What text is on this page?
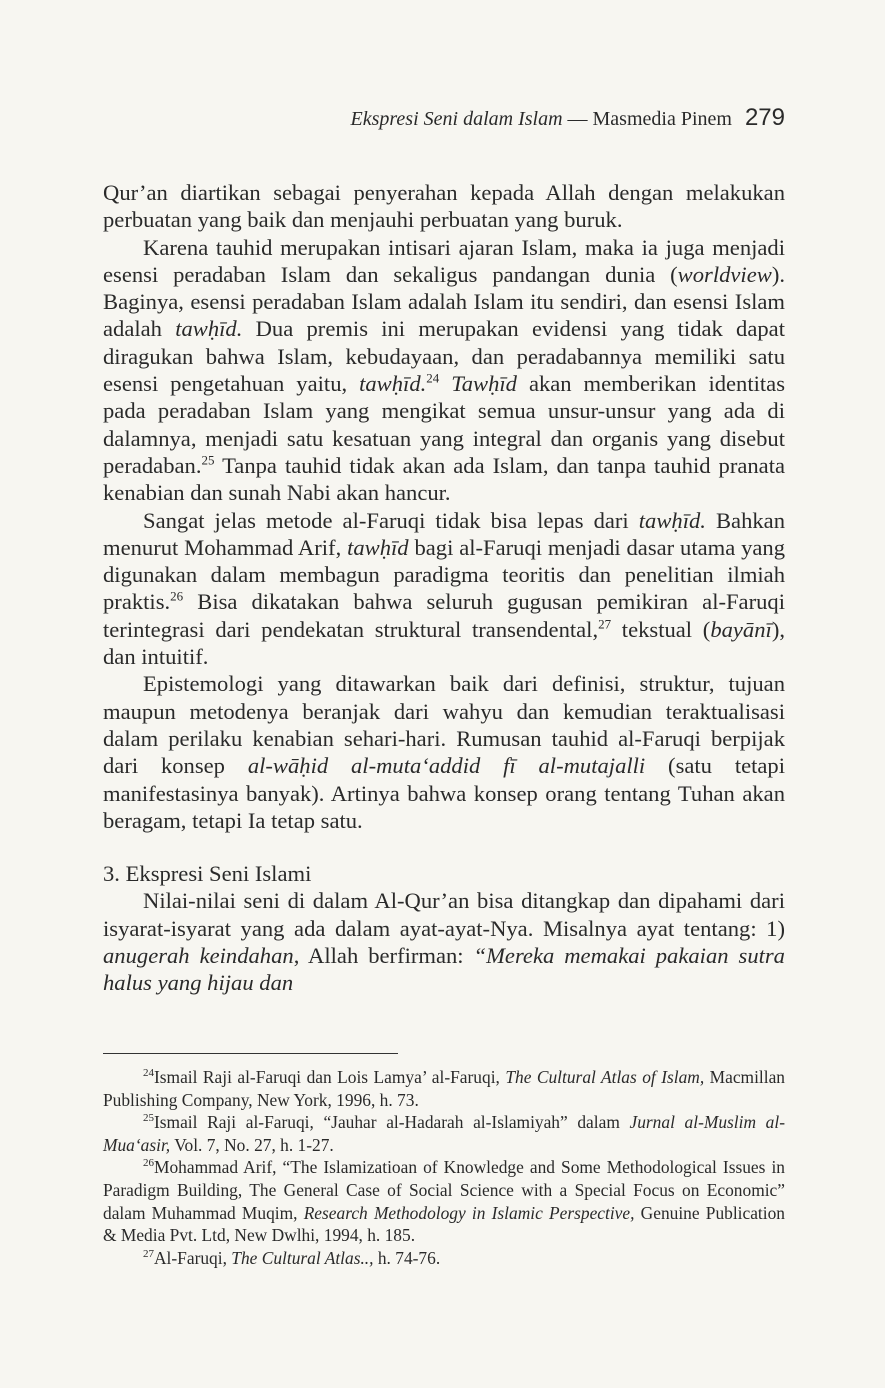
Ekspresi Seni dalam Islam — Masmedia Pinem 279

Qur’an diartikan sebagai penyerahan kepada Allah dengan melakukan perbuatan yang baik dan menjauhi perbuatan yang buruk.

Karena tauhid merupakan intisari ajaran Islam, maka ia juga menjadi esensi peradaban Islam dan sekaligus pandangan dunia (worldview). Baginya, esensi peradaban Islam adalah Islam itu sendiri, dan esensi Islam adalah tawḥīd. Dua premis ini merupakan evidensi yang tidak dapat diragukan bahwa Islam, kebudayaan, dan peradabannya memiliki satu esensi pengetahuan yaitu, tawḥīd.$^{24}$ Tawḥīd akan memberikan identitas pada peradaban Islam yang mengikat semua unsur-unsur yang ada di dalamnya, menjadi satu kesatuan yang integral dan organis yang disebut peradaban.$^{25}$ Tanpa tauhid tidak akan ada Islam, dan tanpa tauhid pranata kenabian dan sunah Nabi akan hancur.

Sangat jelas metode al-Faruqi tidak bisa lepas dari tawḥīd. Bahkan menurut Mohammad Arif, tawḥīd bagi al-Faruqi menjadi dasar utama yang digunakan dalam membagun paradigma teoritis dan penelitian ilmiah praktis.$^{26}$ Bisa dikatakan bahwa seluruh gugusan pemikiran al-Faruqi terintegrasi dari pendekatan struktural transendental,$^{27}$ tekstual (bayānī), dan intuitif.

Epistemologi yang ditawarkan baik dari definisi, struktur, tujuan maupun metodenya beranjak dari wahyu dan kemudian teraktualisasi dalam perilaku kenabian sehari-hari. Rumusan tauhid al-Faruqi berpijak dari konsep al-wāḥid al-muta‘addid fī al-mutajalli (satu tetapi manifestasinya banyak). Artinya bahwa konsep orang tentang Tuhan akan beragam, tetapi Ia tetap satu.

3. Ekspresi Seni Islami

Nilai-nilai seni di dalam Al-Qur’an bisa ditangkap dan dipahami dari isyarat-isyarat yang ada dalam ayat-ayat-Nya. Misalnya ayat tentang: 1) anugerah keindahan, Allah berfirman: “Mereka memakai pakaian sutra halus yang hijau dan

$^{24}$Ismail Raji al-Faruqi dan Lois Lamya’ al-Faruqi, The Cultural Atlas of Islam, Macmillan Publishing Company, New York, 1996, h. 73.

$^{25}$Ismail Raji al-Faruqi, “Jauhar al-Hadarah al-Islamiyah” dalam Jurnal al-Muslim al-Mua‘asir, Vol. 7, No. 27, h. 1-27.

$^{26}$Mohammad Arif, “The Islamizatioan of Knowledge and Some Methodological Issues in Paradigm Building, The General Case of Social Science with a Special Focus on Economic” dalam Muhammad Muqim, Research Methodology in Islamic Perspective, Genuine Publication & Media Pvt. Ltd, New Dwlhi, 1994, h. 185.

$^{27}$Al-Faruqi, The Cultural Atlas.., h. 74-76.
